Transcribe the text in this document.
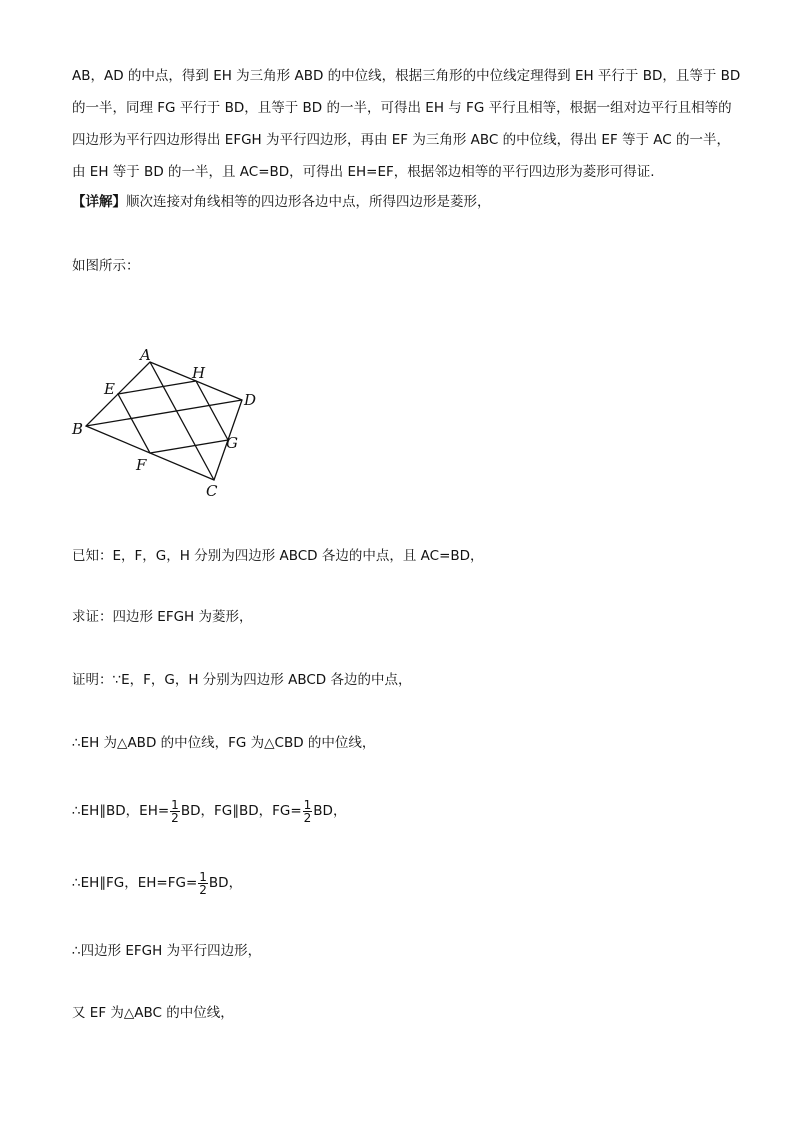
AB，AD 的中点，得到 EH 为三角形 ABD 的中位线，根据三角形的中位线定理得到 EH 平行于 BD，且等于 BD
的一半，同理 FG 平行于 BD，且等于 BD 的一半，可得出 EH 与 FG 平行且相等，根据一组对边平行且相等的
四边形为平行四边形得出 EFGH 为平行四边形，再由 EF 为三角形 ABC 的中位线，得出 EF 等于 AC 的一半，
由 EH 等于 BD 的一半，且 AC=BD，可得出 EH=EF，根据邻边相等的平行四边形为菱形可得证.
【详解】顺次连接对角线相等的四边形各边中点，所得四边形是菱形，
如图所示：
A
H
E
D
B
G
F
C
已知：E，F，G，H 分别为四边形 ABCD 各边的中点，且 AC=BD，
求证：四边形 EFGH 为菱形，
证明：∵E，F，G，H 分别为四边形 ABCD 各边的中点，
∴EH 为△ABD 的中位线，FG 为△CBD 的中位线，
∴EH∥BD，$EH= \frac{1}{2}$ BD，FG∥BD，$FG= \frac{1}{2}$ BD，
∴EH∥FG，$EH=FG= \frac{1}{2}$ BD，
∴四边形 EFGH 为平行四边形，
又 EF 为△ABC 的中位线，
